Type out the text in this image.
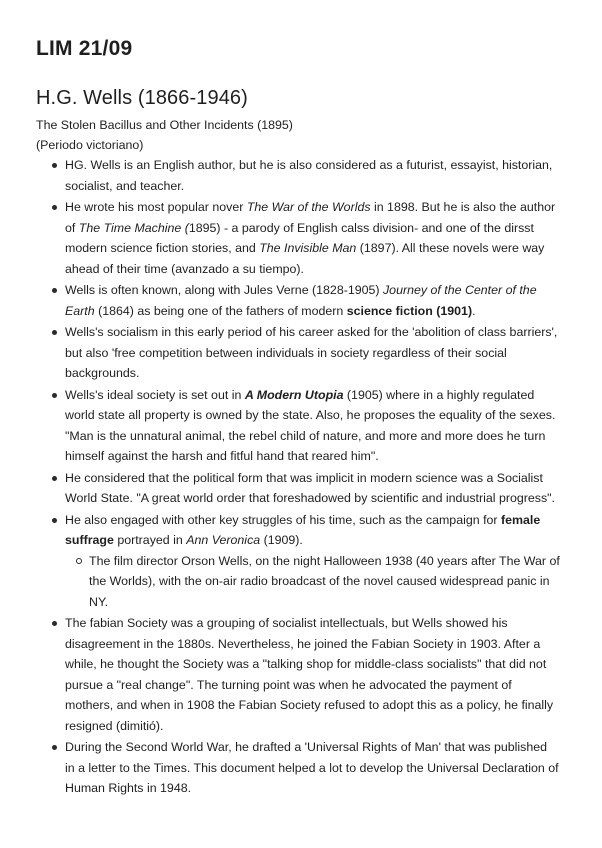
LIM 21/09
H.G. Wells (1866-1946)
The Stolen Bacillus and Other Incidents (1895)
(Periodo victoriano)
HG. Wells is an English author, but he is also considered as a futurist, essayist, historian, socialist, and teacher.
He wrote his most popular nover The War of the Worlds in 1898. But he is also the author of The Time Machine (1895) - a parody of English calss division- and one of the dirsst modern science fiction stories, and The Invisible Man (1897). All these novels were way ahead of their time (avanzado a su tiempo).
Wells is often known, along with Jules Verne (1828-1905) Journey of the Center of the Earth (1864) as being one of the fathers of modern science fiction (1901).
Wells's socialism in this early period of his career asked for the 'abolition of class barriers', but also 'free competition between individuals in society regardless of their social backgrounds.
Wells's ideal society is set out in A Modern Utopia (1905) where in a highly regulated world state all property is owned by the state. Also, he proposes the equality of the sexes. "Man is the unnatural animal, the rebel child of nature, and more and more does he turn himself against the harsh and fitful hand that reared him".
He considered that the political form that was implicit in modern science was a Socialist World State. "A great world order that foreshadowed by scientific and industrial progress".
He also engaged with other key struggles of his time, such as the campaign for female suffrage portrayed in Ann Veronica (1909).
The film director Orson Wells, on the night Halloween 1938 (40 years after The War of the Worlds), with the on-air radio broadcast of the novel caused widespread panic in NY.
The fabian Society was a grouping of socialist intellectuals, but Wells showed his disagreement in the 1880s. Nevertheless, he joined the Fabian Society in 1903. After a while, he thought the Society was a "talking shop for middle-class socialists" that did not pursue a "real change". The turning point was when he advocated the payment of mothers, and when in 1908 the Fabian Society refused to adopt this as a policy, he finally resigned (dimitió).
During the Second World War, he drafted a 'Universal Rights of Man' that was published in a letter to the Times. This document helped a lot to develop the Universal Declaration of Human Rights in 1948.
